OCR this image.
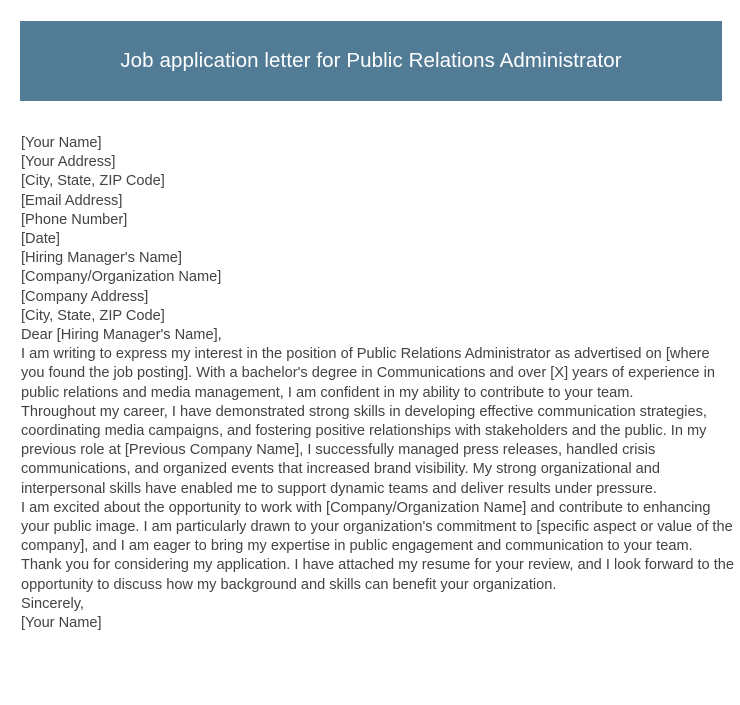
Job application letter for Public Relations Administrator
[Your Name]
[Your Address]
[City, State, ZIP Code]
[Email Address]
[Phone Number]
[Date]
[Hiring Manager's Name]
[Company/Organization Name]
[Company Address]
[City, State, ZIP Code]
Dear [Hiring Manager's Name],

I am writing to express my interest in the position of Public Relations Administrator as advertised on [where you found the job posting]. With a bachelor's degree in Communications and over [X] years of experience in public relations and media management, I am confident in my ability to contribute to your team.

Throughout my career, I have demonstrated strong skills in developing effective communication strategies, coordinating media campaigns, and fostering positive relationships with stakeholders and the public. In my previous role at [Previous Company Name], I successfully managed press releases, handled crisis communications, and organized events that increased brand visibility. My strong organizational and interpersonal skills have enabled me to support dynamic teams and deliver results under pressure.

I am excited about the opportunity to work with [Company/Organization Name] and contribute to enhancing your public image. I am particularly drawn to your organization's commitment to [specific aspect or value of the company], and I am eager to bring my expertise in public engagement and communication to your team.

Thank you for considering my application. I have attached my resume for your review, and I look forward to the opportunity to discuss how my background and skills can benefit your organization.

Sincerely,
[Your Name]
